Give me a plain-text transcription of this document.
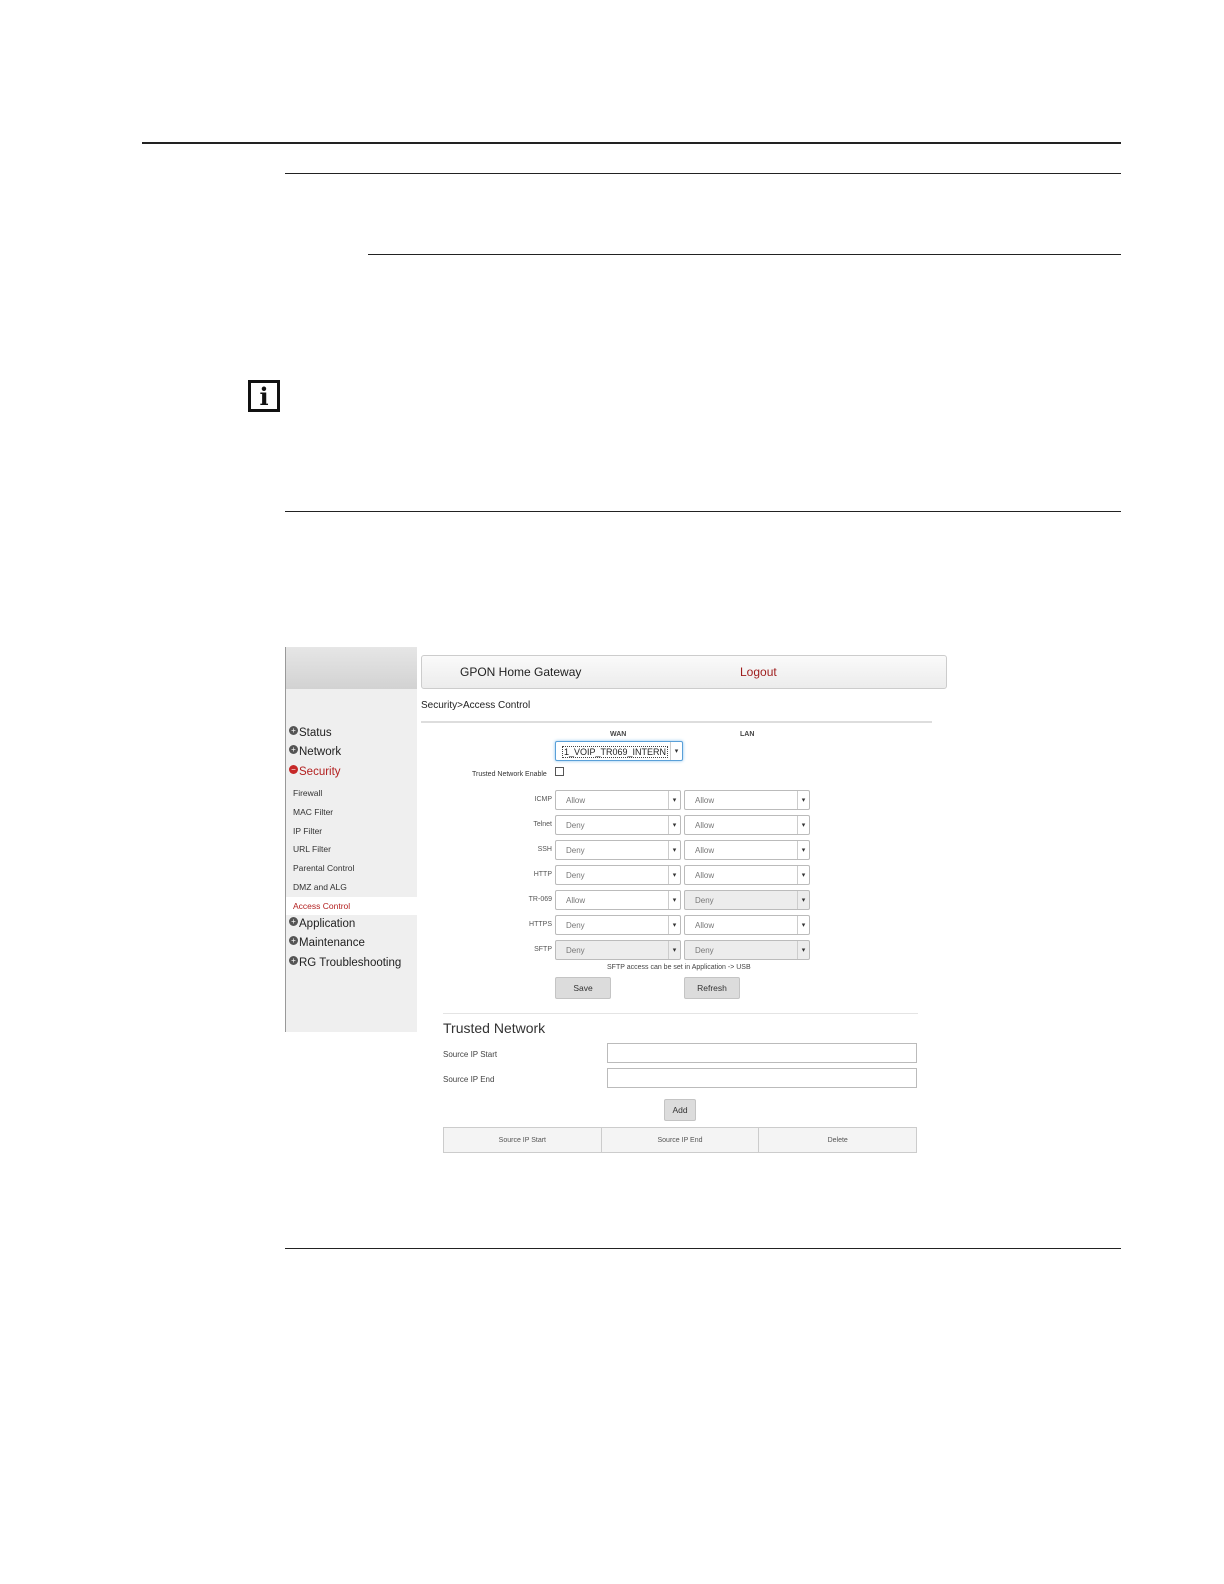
i
+ Status
+ Network
− Security
Firewall
MAC Filter
IP Filter
URL Filter
Parental Control
DMZ and ALG
Access Control
+ Application
+ Maintenance
+ RG Troubleshooting
GPON Home Gateway	Logout
Security>Access Control
WAN	LAN
1_VOIP_TR069_INTERN	▾
Trusted Network Enable
ICMP Allow	▾	Allow	▾
Telnet Deny	▾	Allow	▾
SSH Deny	▾	Allow	▾
HTTP Deny	▾	Allow	▾
TR-069 Allow	▾	Deny	▾
HTTPS Deny	▾	Allow	▾
SFTP Deny	▾	Deny	▾
SFTP access can be set in Application -> USB
Save	Refresh
Trusted Network
Source IP Start
Source IP End
Add
Source IP Start	Source IP End	Delete
